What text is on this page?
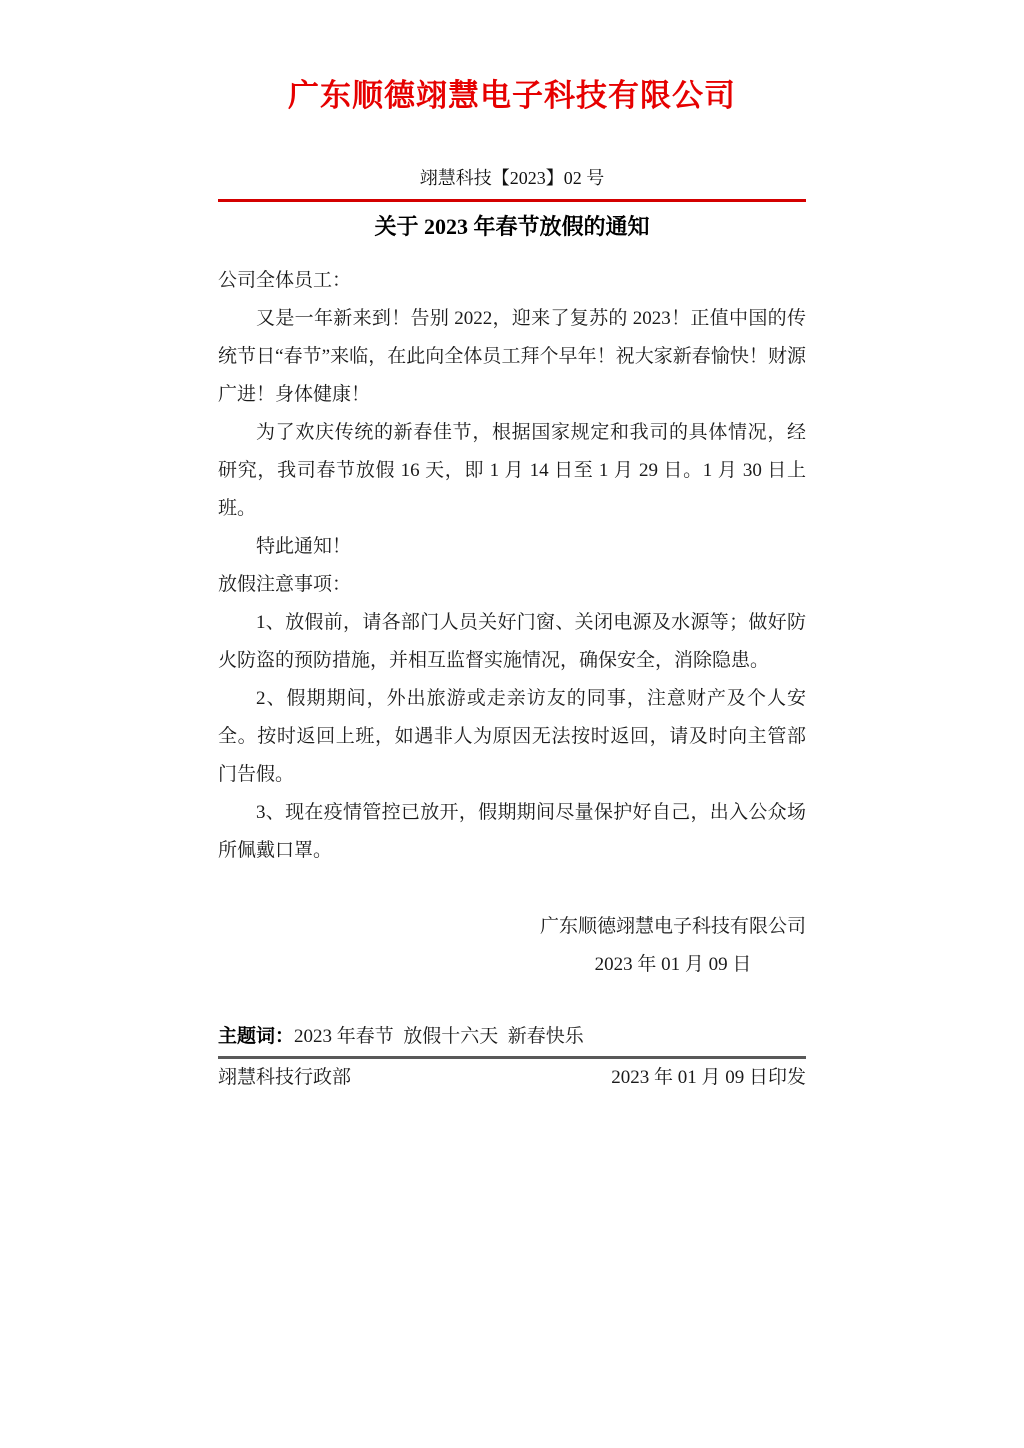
广东顺德翊慧电子科技有限公司
翊慧科技【2023】02 号
关于 2023 年春节放假的通知

公司全体员工：

又是一年新来到！告别 2022，迎来了复苏的 2023！正值中国的传统节日“春节”来临，在此向全体员工拜个早年！祝大家新春愉快！财源广进！身体健康！

为了欢庆传统的新春佳节，根据国家规定和我司的具体情况，经研究，我司春节放假 16 天，即 1 月 14 日至 1 月 29 日。1 月 30 日上班。

特此通知！

放假注意事项：

1、放假前，请各部门人员关好门窗、关闭电源及水源等；做好防火防盗的预防措施，并相互监督实施情况，确保安全，消除隐患。

2、假期期间，外出旅游或走亲访友的同事，注意财产及个人安全。按时返回上班，如遇非人为原因无法按时返回，请及时向主管部门告假。

3、现在疫情管控已放开，假期期间尽量保护好自己，出入公众场所佩戴口罩。

广东顺德翊慧电子科技有限公司
2023 年 01 月 09 日
主题词：2023 年春节  放假十六天  新春快乐
翊慧科技行政部	2023 年 01 月 09 日印发
